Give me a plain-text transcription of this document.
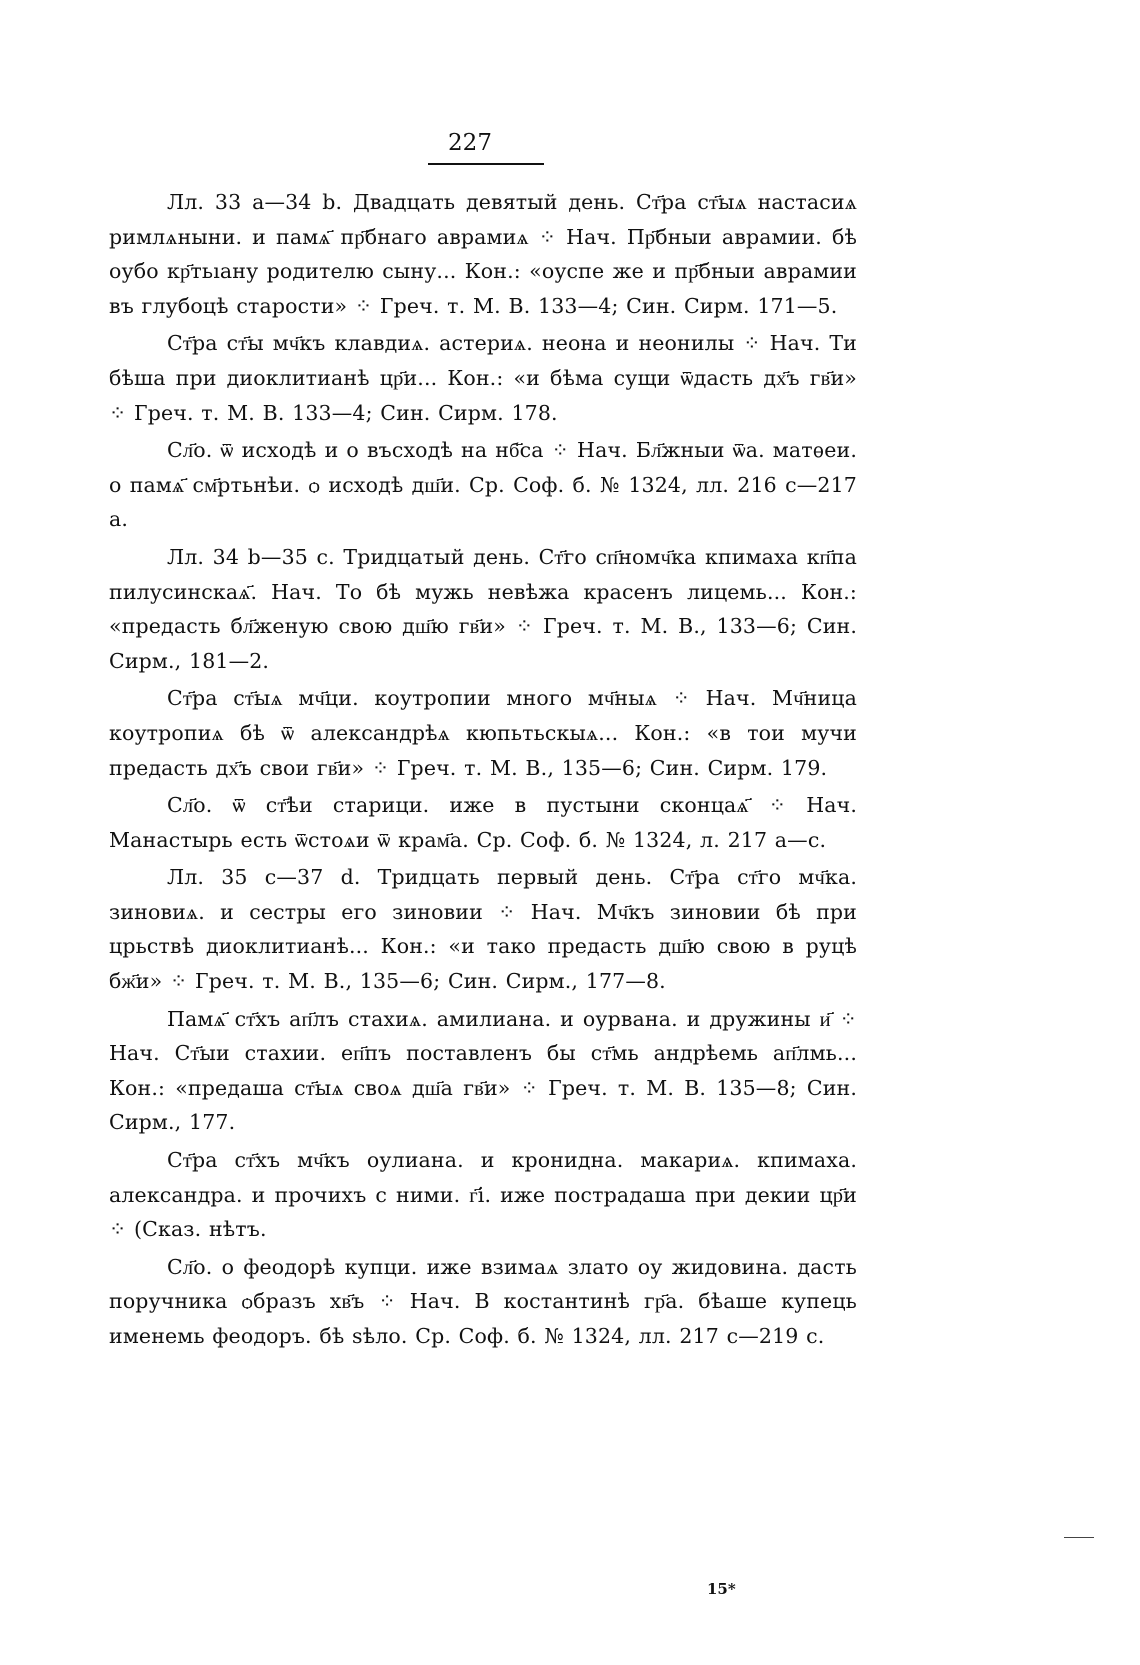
227

Лл. 33 a—34 b. Двадцать девятый день. Ст҃ра ст҃ыѧ настасиѧ римлѧныни. и памѧ҃ пр҃бнаго аврамиѧ ⁘ Нач. Пр҃бныи аврамии. бѣ оубо кр҃тьıану родителю сыну... Кон.: «оуспе же и пр҃бныи аврамии въ глубоцѣ старости» ⁘ Греч. т. М. В. 133—4; Син. Сирм. 171—5.

Ст҃ра ст҃ы мч҃къ клавдиѧ. астериѧ. неона и неонилы ⁘ Нач. Ти бѣша при диоклитианѣ цр҃и... Кон.: «и бѣма сущи ѿдасть дх҃ъ гв҃и» ⁘ Греч. т. М. В. 133—4; Син. Сирм. 178.

Сл҃о. ѿ исходѣ и о въсходѣ на нб҃са ⁘ Нач. Бл҃жныи ѿа. матѳеи. о памѧ҃ см҃ртьнѣи. ѻ исходѣ дш҃и. Ср. Соф. б. № 1324, лл. 216 c—217 a.

Лл. 34 b—35 c. Тридцатый день. Ст҃го сп҃номч҃ка кпимаха кп҃па пилусинскаѧ҃. Нач. То бѣ мужь невѣжа красенъ лицемь... Кон.: «предасть бл҃женую свою дш҃ю гв҃и» ⁘ Греч. т. М. В., 133—6; Син. Сирм., 181—2.

Ст҃ра ст҃ыѧ мч҃ци. коутропии много мч҃ныѧ ⁘ Нач. Мч҃ница коутропиѧ бѣ ѿ александрѣѧ кюпьтьскыѧ... Кон.: «в тои мучи предасть дх҃ъ свои гв҃и» ⁘ Греч. т. М. В., 135—6; Син. Сирм. 179.

Сл҃о. ѿ ст҃ѣи старици. иже в пустыни сконцаѧ҃ ⁘ Нач. Манастырь есть ѿстоѧи ѿ крам҃а. Ср. Соф. б. № 1324, л. 217 a—c.

Лл. 35 c—37 d. Тридцать первый день. Ст҃ра ст҃го мч҃ка. зиновиѧ. и сестры его зиновии ⁘ Нач. Мч҃къ зиновии бѣ при црьствѣ диоклитианѣ... Кон.: «и тако предасть дш҃ю свою в руцѣ бж҃и» ⁘ Греч. т. М. В., 135—6; Син. Сирм., 177—8.

Памѧ҃ ст҃хъ ап҃лъ стахиѧ. амилиана. и оурвана. и дружины и҃ ⁘ Нач. Ст҃ыи стахии. еп҃пъ поставленъ бы ст҃мь андрѣемь ап҃лмь... Кон.: «предаша ст҃ыѧ своѧ дш҃а гв҃и» ⁘ Греч. т. М. В. 135—8; Син. Сирм., 177.

Ст҃ра ст҃хъ мч҃къ оулиана. и кронидна. макариѧ. кпимаха. александра. и прочихъ с ними. г҃і. иже пострадаша при декии цр҃и ⁘ (Сказ. нѣтъ.

Сл҃о. о феодорѣ купци. иже взимаѧ злато оу жидовина. дасть поручника ѻбразъ хв҃ъ ⁘ Нач. В костантинѣ гр҃а. бѣаше купець именемь феодоръ. бѣ ѕѣло. Ср. Соф. б. № 1324, лл. 217 c—219 c.

15*
